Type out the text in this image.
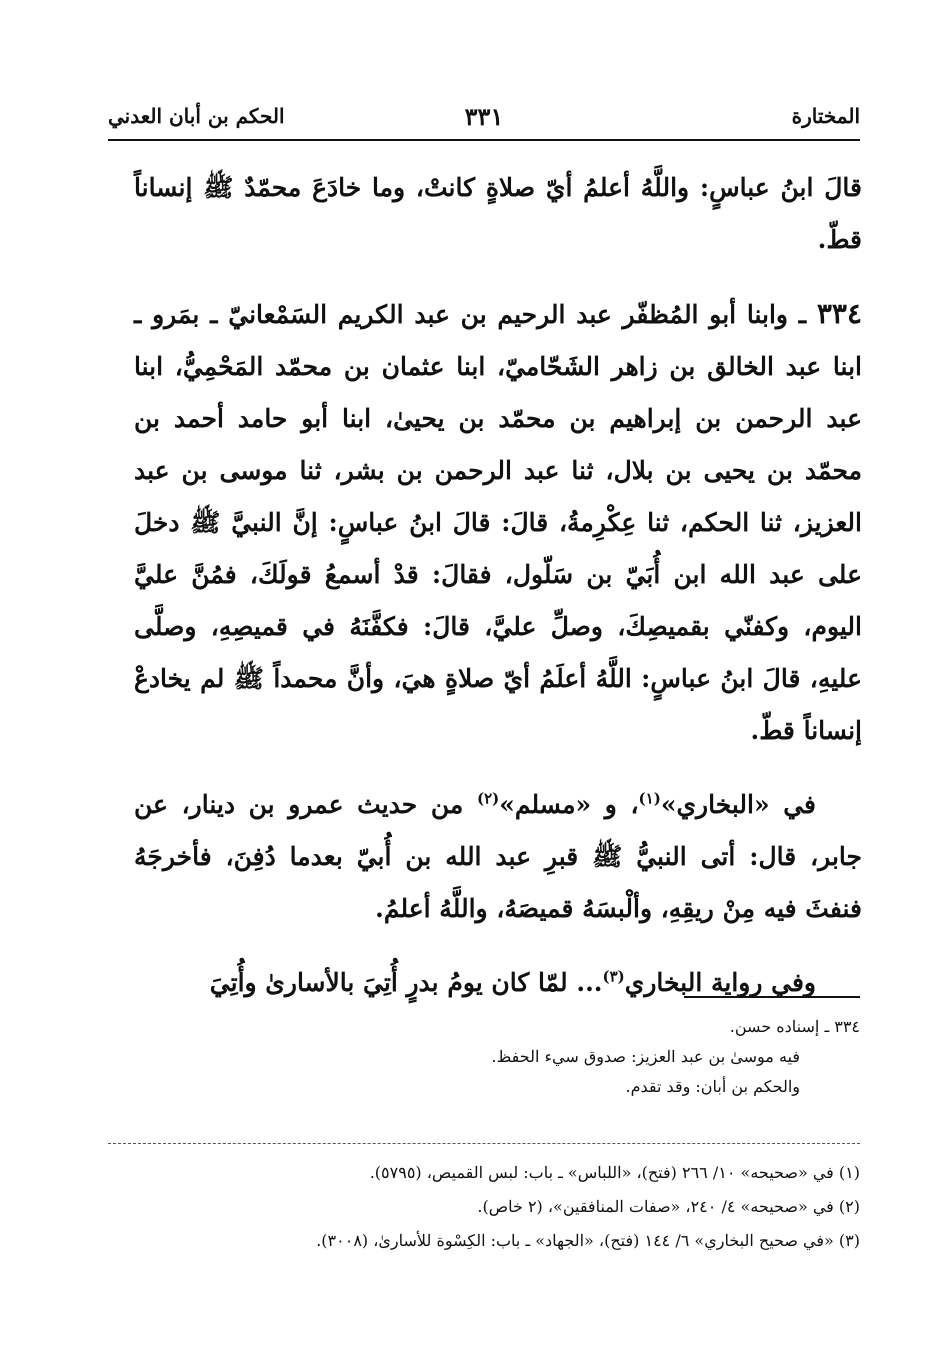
المختارة
٣٣١
الحكم بن أبان العدني

قالَ ابنُ عباسٍ: واللَّهُ أعلمُ أيّ صلاةٍ كانتْ، وما خادَعَ محمّدٌ ﷺ إنساناً قطّ.

٣٣٤ ـ وابنا أبو المُظفّر عبد الرحيم بن عبد الكريم السَمْعانيّ ـ بمَرو ـ ابنا عبد الخالق بن زاهر الشَحّاميّ، ابنا عثمان بن محمّد المَحْمِيُّ، ابنا عبد الرحمن بن إبراهيم بن محمّد بن يحيىٰ، ابنا أبو حامد أحمد بن محمّد بن يحيى بن بلال، ثنا عبد الرحمن بن بشر، ثنا موسى بن عبد العزيز، ثنا الحكم، ثنا عِكْرِمةُ، قالَ: قالَ ابنُ عباسٍ: إنَّ النبيَّ ﷺ دخلَ على عبد الله ابن أُبَيّ بن سَلّول، فقالَ: قدْ أسمعُ قولَكَ، فمُنَّ عليَّ اليوم، وكفنّي بقميصِكَ، وصلِّ عليَّ، قالَ: فكفَّنَهُ في قميصِهِ، وصلَّى عليهِ، قالَ ابنُ عباسٍ: اللَّهُ أعلَمُ أيّ صلاةٍ هيَ، وأنَّ محمداً ﷺ لم يخادعْ إنساناً قطّ.

في «البخاري»$^{(١)}$، و «مسلم»$^{(٢)}$ من حديث عمرو بن دينار، عن جابر، قال: أتى النبيُّ ﷺ قبرِ عبد الله بن أُبيّ بعدما دُفِنَ، فأخرجَهُ فنفثَ فيه مِنْ ريقِهِ، وألْبسَهُ قميصَهُ، واللَّهُ أعلمُ.

وفي رواية البخاري$^{(٣)}$... لمّا كان يومُ بدرٍ أُتِيَ بالأسارىٰ وأُتِيَ

٣٣٤ ـ إسناده حسن.
فيه موسىٰ بن عبد العزيز: صدوق سيء الحفظ.
والحكم بن أبان: وقد تقدم.
(١) في «صحيحه» ١٠/ ٢٦٦ (فتح)، «اللباس» ـ باب: لبس القميص، (٥٧٩٥).
(٢) في «صحيحه» ٤/ ٢٤٠، «صفات المنافقين»، (٢ خاص).
(٣) «في صحيح البخاري» ٦/ ١٤٤ (فتح)، «الجهاد» ـ باب: الكِسْوة للأسارىٰ، (٣٠٠٨).
